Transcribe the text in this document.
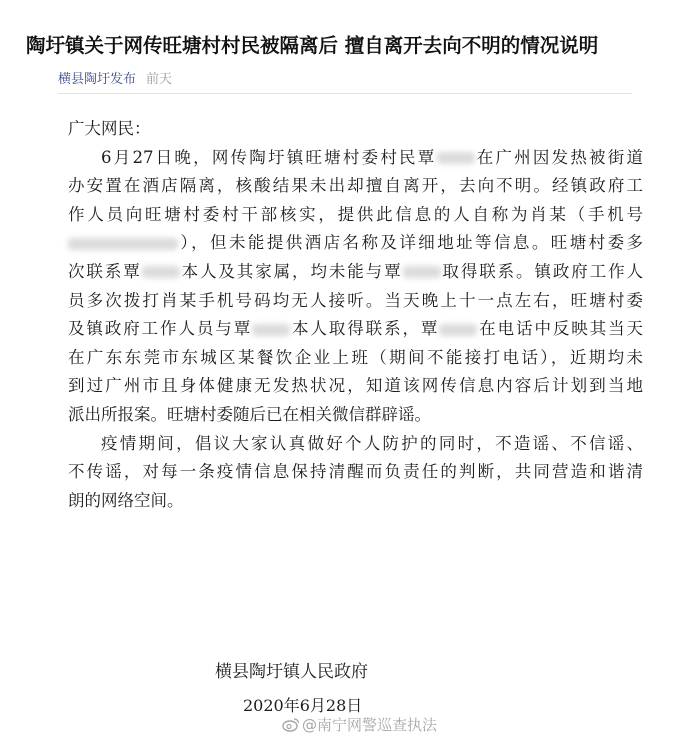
陶圩镇关于网传旺塘村村民被隔离后 擅自离开去向不明的情况说明
横县陶圩发布 前天
广大网民：
6月27日晚，网传陶圩镇旺塘村委村民覃 在广州因发热被街道
办安置在酒店隔离，核酸结果未出却擅自离开，去向不明。经镇政府工
作人员向旺塘村委村干部核实，提供此信息的人自称为肖某（手机号
），但未能提供酒店名称及详细地址等信息。旺塘村委多
次联系覃 本人及其家属，均未能与覃 取得联系。镇政府工作人
员多次拨打肖某手机号码均无人接听。当天晚上十一点左右，旺塘村委
及镇政府工作人员与覃 本人取得联系，覃 在电话中反映其当天
在广东东莞市东城区某餐饮企业上班（期间不能接打电话），近期均未
到过广州市且身体健康无发热状况，知道该网传信息内容后计划到当地
派出所报案。旺塘村委随后已在相关微信群辟谣。
疫情期间，倡议大家认真做好个人防护的同时，不造谣、不信谣、
不传谣，对每一条疫情信息保持清醒而负责任的判断，共同营造和谐清
朗的网络空间。
横县陶圩镇人民政府
2020年6月28日
@南宁网警巡查执法
